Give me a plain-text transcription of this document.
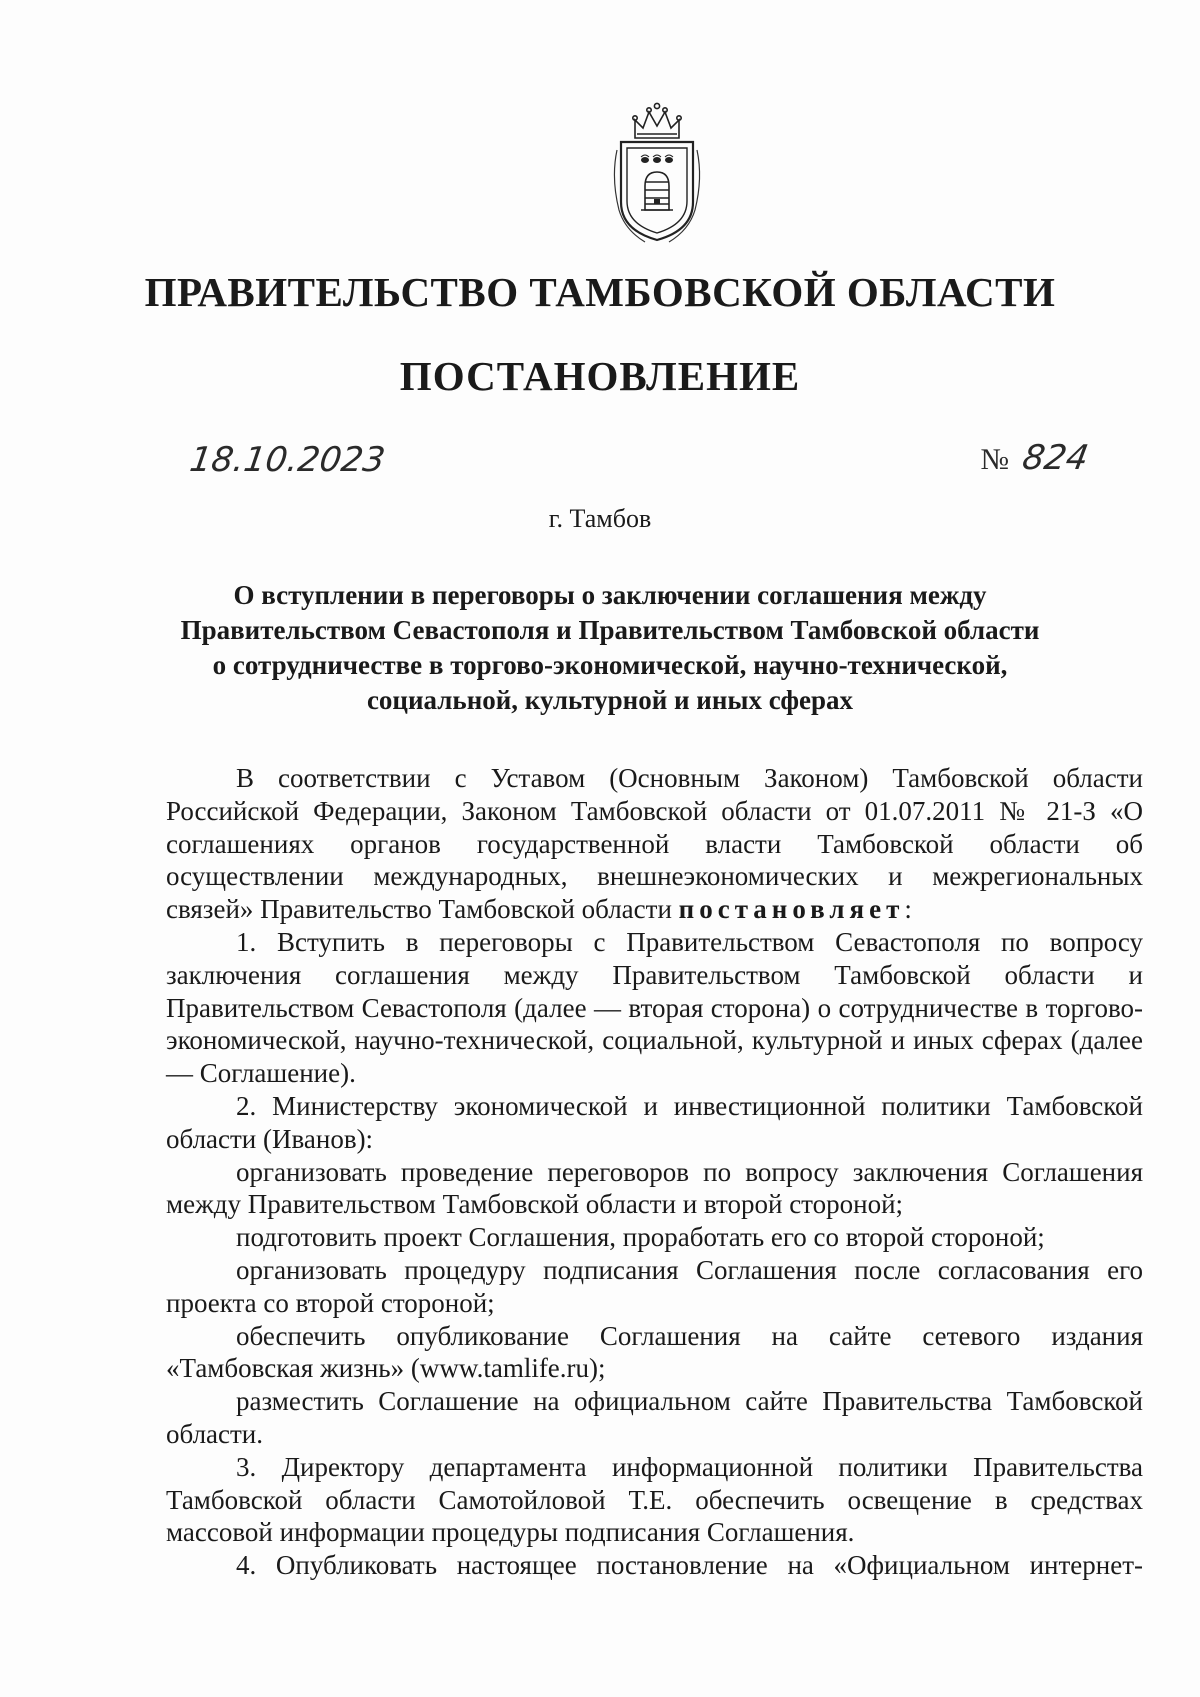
ПРАВИТЕЛЬСТВО ТАМБОВСКОЙ ОБЛАСТИ
ПОСТАНОВЛЕНИЕ
18.10.2023	№ 824
г. Тамбов
О вступлении в переговоры о заключении соглашения между
Правительством Севастополя и Правительством Тамбовской области
о сотрудничестве в торгово-экономической, научно-технической,
социальной, культурной и иных сферах

В соответствии с Уставом (Основным Законом) Тамбовской области Российской Федерации, Законом Тамбовской области от 01.07.2011 № 21-З «О соглашениях органов государственной власти Тамбовской области об осуществлении международных, внешнеэкономических и межрегиональных связей» Правительство Тамбовской области постановляет:

1. Вступить в переговоры с Правительством Севастополя по вопросу заключения соглашения между Правительством Тамбовской области и Правительством Севастополя (далее — вторая сторона) о сотрудничестве в торгово-экономической, научно-технической, социальной, культурной и иных сферах (далее — Соглашение).

2. Министерству экономической и инвестиционной политики Тамбовской области (Иванов):

организовать проведение переговоров по вопросу заключения Соглашения между Правительством Тамбовской области и второй стороной;

подготовить проект Соглашения, проработать его со второй стороной;

организовать процедуру подписания Соглашения после согласования его проекта со второй стороной;

обеспечить опубликование Соглашения на сайте сетевого издания «Тамбовская жизнь» (www.tamlife.ru);

разместить Соглашение на официальном сайте Правительства Тамбовской области.

3. Директору департамента информационной политики Правительства Тамбовской области Самотойловой Т.Е. обеспечить освещение в средствах массовой информации процедуры подписания Соглашения.

4. Опубликовать настоящее постановление на «Официальном интернет-
